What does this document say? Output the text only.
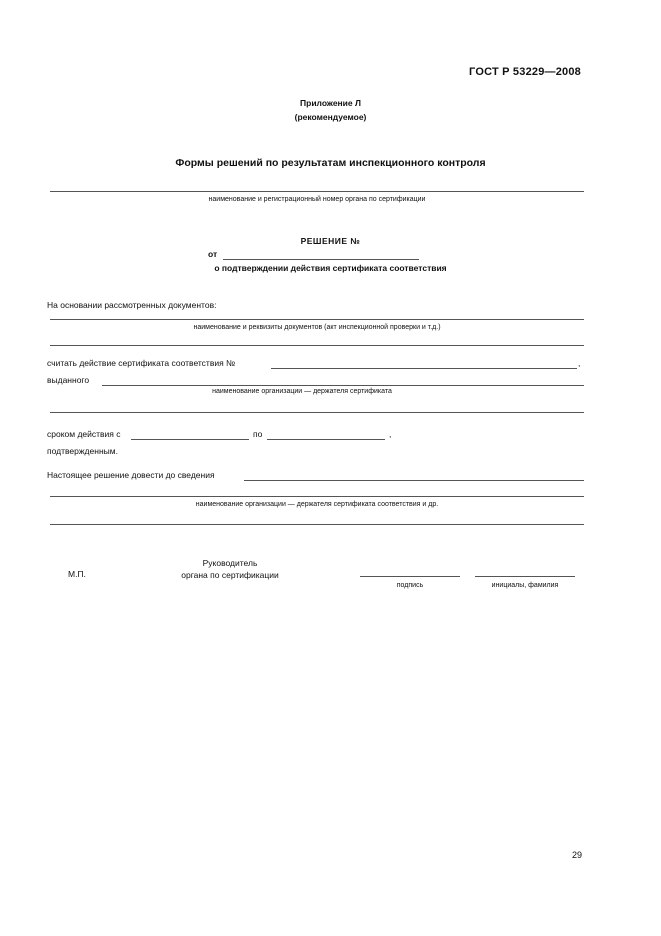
ГОСТ Р 53229—2008
Приложение Л
(рекомендуемое)
Формы решений по результатам инспекционного контроля
наименование и регистрационный номер органа по сертификации
РЕШЕНИЕ №
от
о подтверждении действия сертификата соответствия
На основании рассмотренных документов:
наименование и реквизиты документов (акт инспекционной проверки и т.д.)
считать действие сертификата соответствия №	,
выданного
наименование организации — держателя сертификата
сроком действия с	по	,
подтвержденным.
Настоящее решение довести до сведения
наименование организации — держателя сертификата соответствия и др.
М.П.
Руководитель
органа по сертификации
подпись	инициалы, фамилия
29
